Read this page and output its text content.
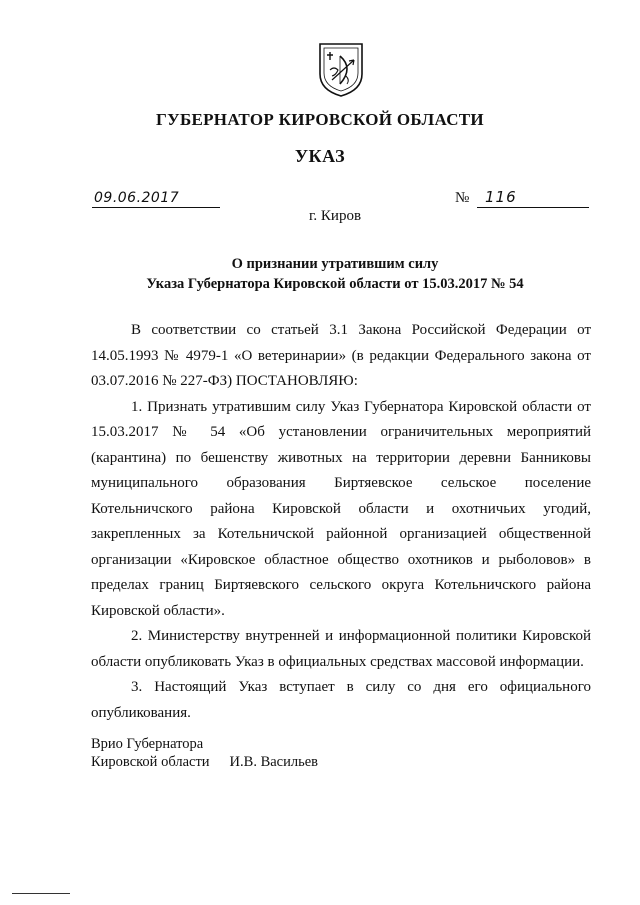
ГУБЕРНАТОР КИРОВСКОЙ ОБЛАСТИ
УКАЗ
09.06.2017	№ 116
г. Киров
О признании утратившим силу
Указа Губернатора Кировской области от 15.03.2017 № 54

В соответствии со статьей 3.1 Закона Российской Федерации от 14.05.1993 № 4979-1 «О ветеринарии» (в редакции Федерального закона от 03.07.2016 № 227-ФЗ) ПОСТАНОВЛЯЮ:

1. Признать утратившим силу Указ Губернатора Кировской области от 15.03.2017 № 54 «Об установлении ограничительных мероприятий (карантина) по бешенству животных на территории деревни Банниковы муниципального образования Биртяевское сельское поселение Котельничского района Кировской области и охотничьих угодий, закрепленных за Котельничской районной организацией общественной организации «Кировское областное общество охотников и рыболовов» в пределах границ Биртяевского сельского округа Котельничского района Кировской области».

2. Министерству внутренней и информационной политики Кировской области опубликовать Указ в официальных средствах массовой информации.

3. Настоящий Указ вступает в силу со дня его официального опубликования.

Врио Губернатора
Кировской области И.В. Васильев
